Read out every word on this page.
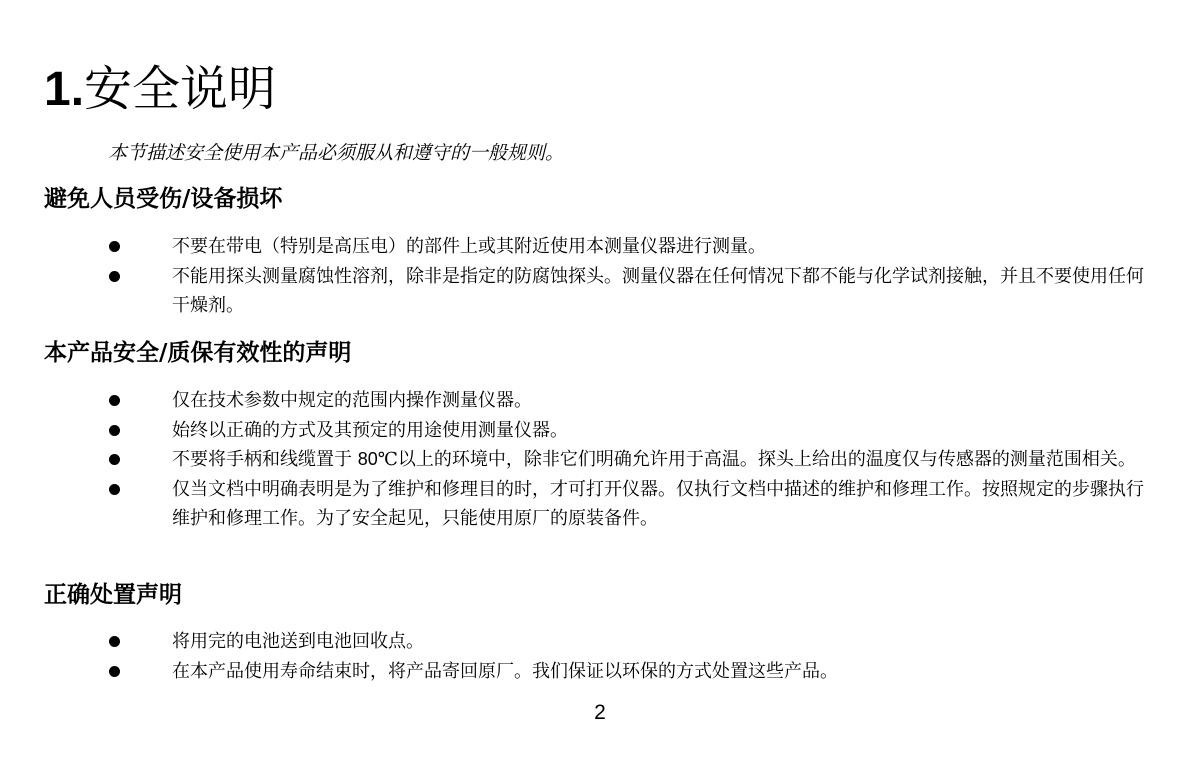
1.安全说明

本节描述安全使用本产品必须服从和遵守的一般规则。

避免人员受伤/设备损坏
不要在带电（特别是高压电）的部件上或其附近使用本测量仪器进行测量。
不能用探头测量腐蚀性溶剂，除非是指定的防腐蚀探头。测量仪器在任何情况下都不能与化学试剂接触，并且不要使用任何干燥剂。
本产品安全/质保有效性的声明
仅在技术参数中规定的范围内操作测量仪器。
始终以正确的方式及其预定的用途使用测量仪器。
不要将手柄和线缆置于 80℃以上的环境中，除非它们明确允许用于高温。探头上给出的温度仅与传感器的测量范围相关。
仅当文档中明确表明是为了维护和修理目的时，才可打开仪器。仅执行文档中描述的维护和修理工作。按照规定的步骤执行维护和修理工作。为了安全起见，只能使用原厂的原装备件。
正确处置声明
将用完的电池送到电池回收点。
在本产品使用寿命结束时，将产品寄回原厂。我们保证以环保的方式处置这些产品。
2
